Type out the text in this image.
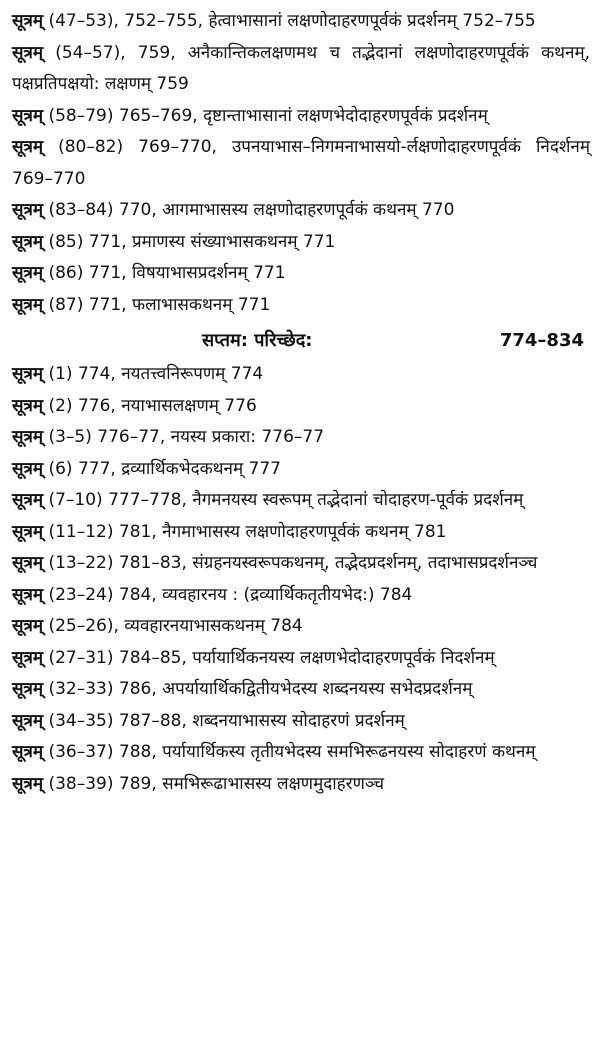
सूत्रम् (47–53), 752–755, हेत्वाभासानां लक्षणोदाहरणपूर्वकं प्रदर्शनम् 752–755

सूत्रम् (54–57), 759, अनैकान्तिकलक्षणमथ च तद्भेदानां लक्षणोदाहरणपूर्वकं कथनम्, पक्षप्रतिपक्षयो: लक्षणम् 759

सूत्रम् (58–79) 765–769, दृष्टान्ताभासानां लक्षणभेदोदाहरणपूर्वकं प्रदर्शनम्

सूत्रम् (80–82) 769–770, उपनयाभास–निगमनाभासयो-र्लक्षणोदाहरणपूर्वकं निदर्शनम् 769–770

सूत्रम् (83–84) 770, आगमाभासस्य लक्षणोदाहरणपूर्वकं कथनम् 770

सूत्रम् (85) 771, प्रमाणस्य संख्याभासकथनम् 771

सूत्रम् (86) 771, विषयाभासप्रदर्शनम् 771

सूत्रम् (87) 771, फलाभासकथनम् 771

सप्तम: परिच्छेद:	774–834

सूत्रम् (1) 774, नयतत्त्वनिरूपणम् 774

सूत्रम् (2) 776, नयाभासलक्षणम् 776

सूत्रम् (3–5) 776–77, नयस्य प्रकारा: 776–77

सूत्रम् (6) 777, द्रव्यार्थिकभेदकथनम् 777

सूत्रम् (7–10) 777–778, नैगमनयस्य स्वरूपम् तद्भेदानां चोदाहरण-पूर्वकं प्रदर्शनम्

सूत्रम् (11–12) 781, नैगमाभासस्य लक्षणोदाहरणपूर्वकं कथनम् 781

सूत्रम् (13–22) 781–83, संग्रहनयस्वरूपकथनम्, तद्भेदप्रदर्शनम्, तदाभासप्रदर्शनञ्च

सूत्रम् (23–24) 784, व्यवहारनय : (द्रव्यार्थिकतृतीयभेद:) 784

सूत्रम् (25–26), व्यवहारनयाभासकथनम् 784

सूत्रम् (27–31) 784–85, पर्यायार्थिकनयस्य लक्षणभेदोदाहरणपूर्वकं निदर्शनम्

सूत्रम् (32–33) 786, अपर्यायार्थिकद्वितीयभेदस्य शब्दनयस्य सभेदप्रदर्शनम्

सूत्रम् (34–35) 787–88, शब्दनयाभासस्य सोदाहरणं प्रदर्शनम्

सूत्रम् (36–37) 788, पर्यायार्थिकस्य तृतीयभेदस्य समभिरूढनयस्य सोदाहरणं कथनम्

सूत्रम् (38–39) 789, समभिरूढाभासस्य लक्षणमुदाहरणञ्च
